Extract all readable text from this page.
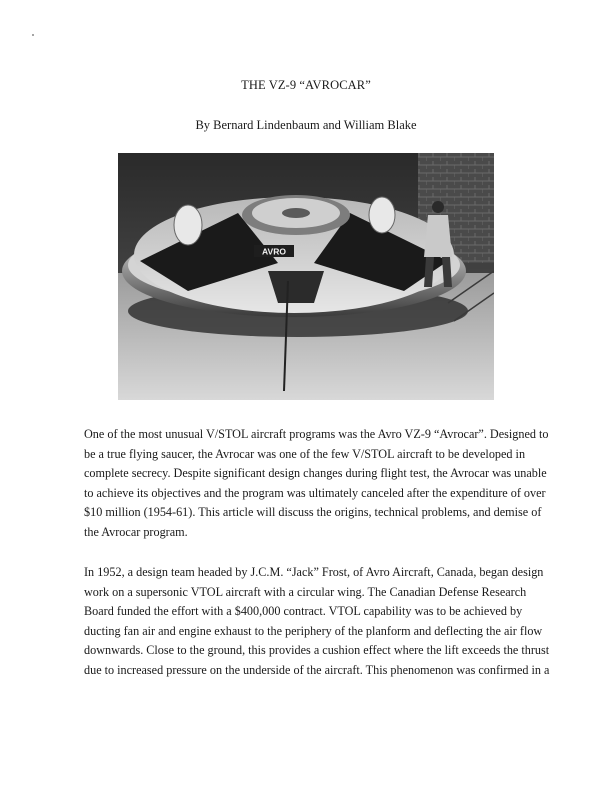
THE VZ-9 “AVROCAR”
By Bernard Lindenbaum and William Blake
AVRO
One of the most unusual V/STOL aircraft programs was the Avro VZ-9 “Avrocar”. Designed to
be a true flying saucer, the Avrocar was one of the few V/STOL aircraft to be developed in
complete secrecy. Despite significant design changes during flight test, the Avrocar was unable
to achieve its objectives and the program was ultimately canceled after the expenditure of over
$10 million (1954-61). This article will discuss the origins, technical problems, and demise of
the Avrocar program.
In 1952, a design team headed by J.C.M. “Jack” Frost, of Avro Aircraft, Canada, began design
work on a supersonic VTOL aircraft with a circular wing. The Canadian Defense Research
Board funded the effort with a $400,000 contract. VTOL capability was to be achieved by
ducting fan air and engine exhaust to the periphery of the planform and deflecting the air flow
downwards. Close to the ground, this provides a cushion effect where the lift exceeds the thrust
due to increased pressure on the underside of the aircraft. This phenomenon was confirmed in a
